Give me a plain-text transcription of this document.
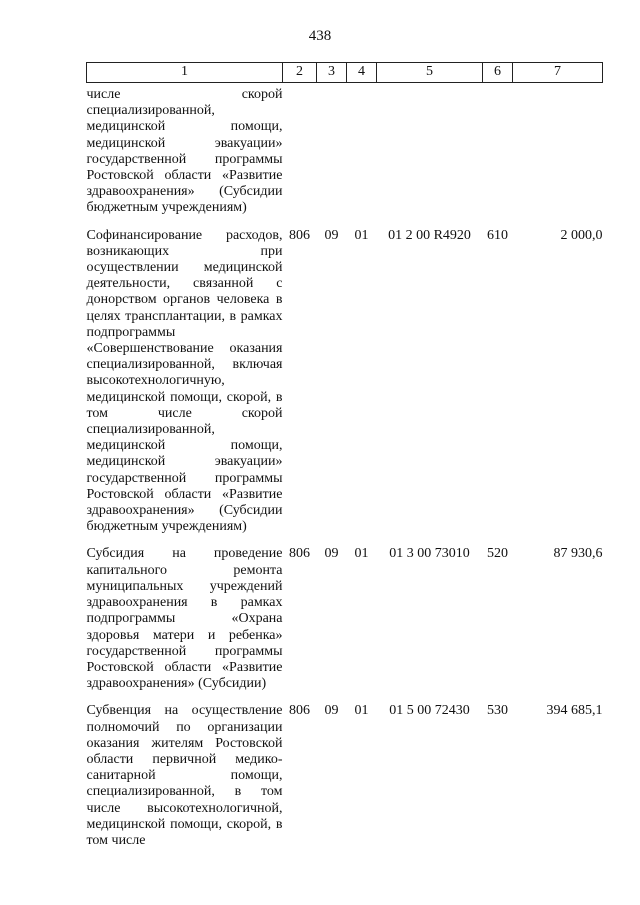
438
1	2	3	4	5	6	7
числе скорой специализированной, медицинской помощи, медицинской эвакуации» государственной программы Ростовской области «Развитие здравоохранения» (Субсидии бюджетным учреждениям)						
Софинансирование расходов, возникающих при осуществлении медицинской деятельности, связанной с донорством органов человека в целях трансплантации, в рамках подпрограммы «Совершенствование оказания специализированной, включая высокотехнологичную, медицинской помощи, скорой, в том числе скорой специализированной, медицинской помощи, медицинской эвакуации» государственной программы Ростовской области «Развитие здравоохранения» (Субсидии бюджетным учреждениям)	806	09	01	01 2 00 R4920	610	2 000,0
Субсидия на проведение капитального ремонта муниципальных учреждений здравоохранения в рамках подпрограммы «Охрана здоровья матери и ребенка» государственной программы Ростовской области «Развитие здравоохранения» (Субсидии)	806	09	01	01 3 00 73010	520	87 930,6
Субвенция на осуществление полномочий по организации оказания жителям Ростовской области первичной медико-санитарной помощи, специализированной, в том числе высокотехнологичной, медицинской помощи, скорой, в том числе	806	09	01	01 5 00 72430	530	394 685,1
